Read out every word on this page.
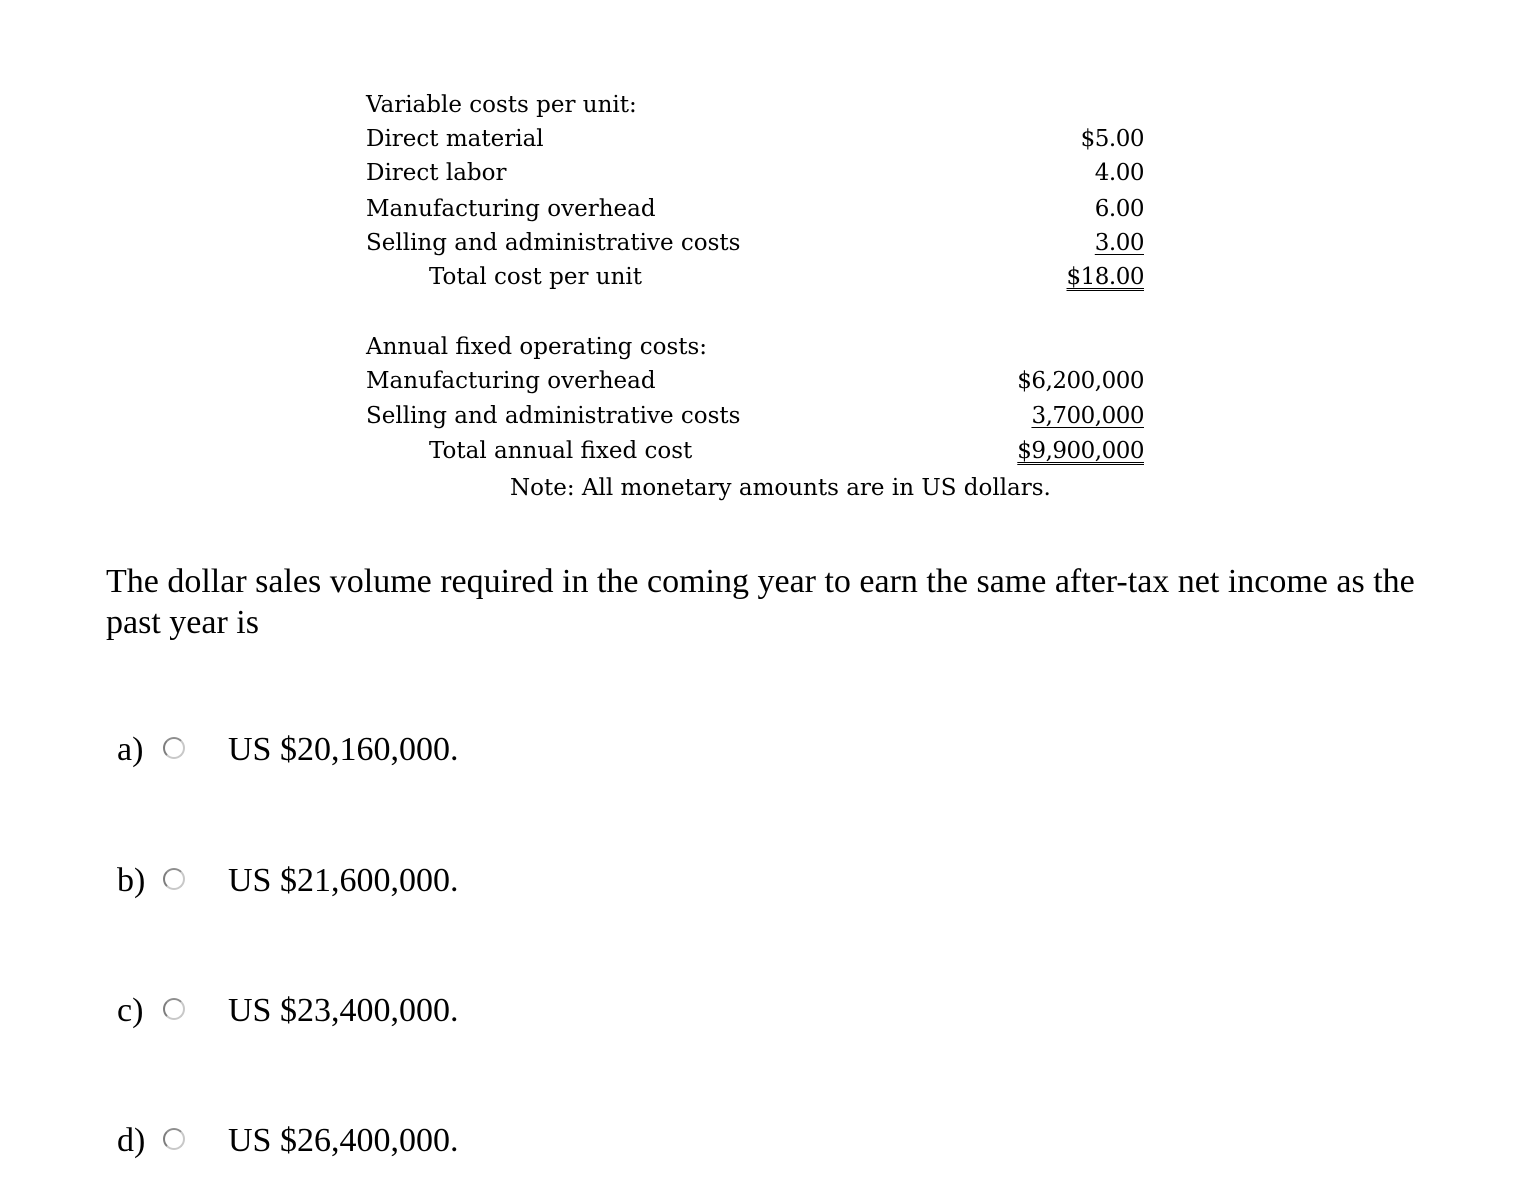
Variable costs per unit:
Direct material	$5.00
Direct labor	4.00
Manufacturing overhead	6.00
Selling and administrative costs	3.00
Total cost per unit	$18.00
Annual fixed operating costs:
Manufacturing overhead	$6,200,000
Selling and administrative costs	3,700,000
Total annual fixed cost	$9,900,000
Note: All monetary amounts are in US dollars.
The dollar sales volume required in the coming year to earn the same after-tax net income as the past year is
a) US $20,160,000.
b) US $21,600,000.
c) US $23,400,000.
d) US $26,400,000.
